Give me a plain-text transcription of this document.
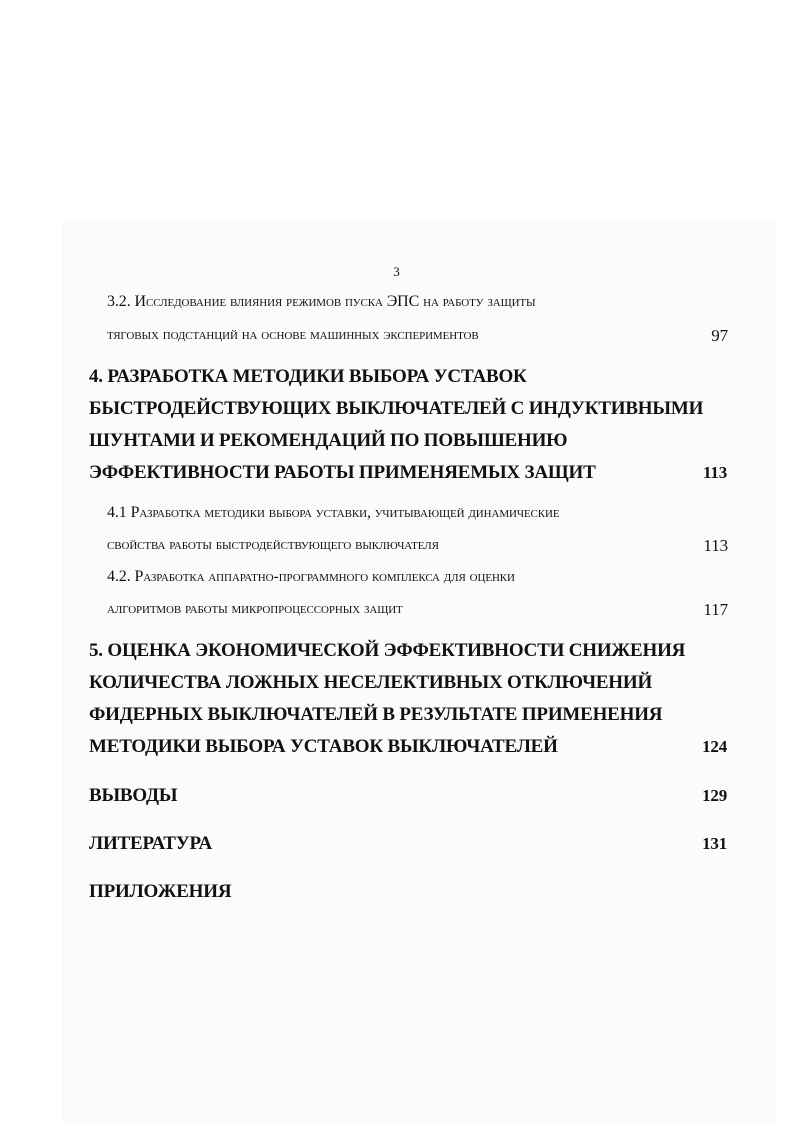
3
3.2. Исследование влияния режимов пуска ЭПС на работу защиты
тяговых подстанций на основе машинных экспериментов	97
4. РАЗРАБОТКА МЕТОДИКИ ВЫБОРА УСТАВОК
БЫСТРОДЕЙСТВУЮЩИХ ВЫКЛЮЧАТЕЛЕЙ С ИНДУКТИВНЫМИ
ШУНТАМИ И РЕКОМЕНДАЦИЙ ПО ПОВЫШЕНИЮ
ЭФФЕКТИВНОСТИ РАБОТЫ ПРИМЕНЯЕМЫХ ЗАЩИТ	113
4.1 Разработка методики выбора уставки, учитывающей динамические
свойства работы быстродействующего выключателя	113
4.2. Разработка аппаратно-программного комплекса для оценки
алгоритмов работы микропроцессорных защит	117
5. ОЦЕНКА ЭКОНОМИЧЕСКОЙ ЭФФЕКТИВНОСТИ СНИЖЕНИЯ
КОЛИЧЕСТВА ЛОЖНЫХ НЕСЕЛЕКТИВНЫХ ОТКЛЮЧЕНИЙ
ФИДЕРНЫХ ВЫКЛЮЧАТЕЛЕЙ В РЕЗУЛЬТАТЕ ПРИМЕНЕНИЯ
МЕТОДИКИ ВЫБОРА УСТАВОК ВЫКЛЮЧАТЕЛЕЙ	124
ВЫВОДЫ	129
ЛИТЕРАТУРА	131
ПРИЛОЖЕНИЯ
